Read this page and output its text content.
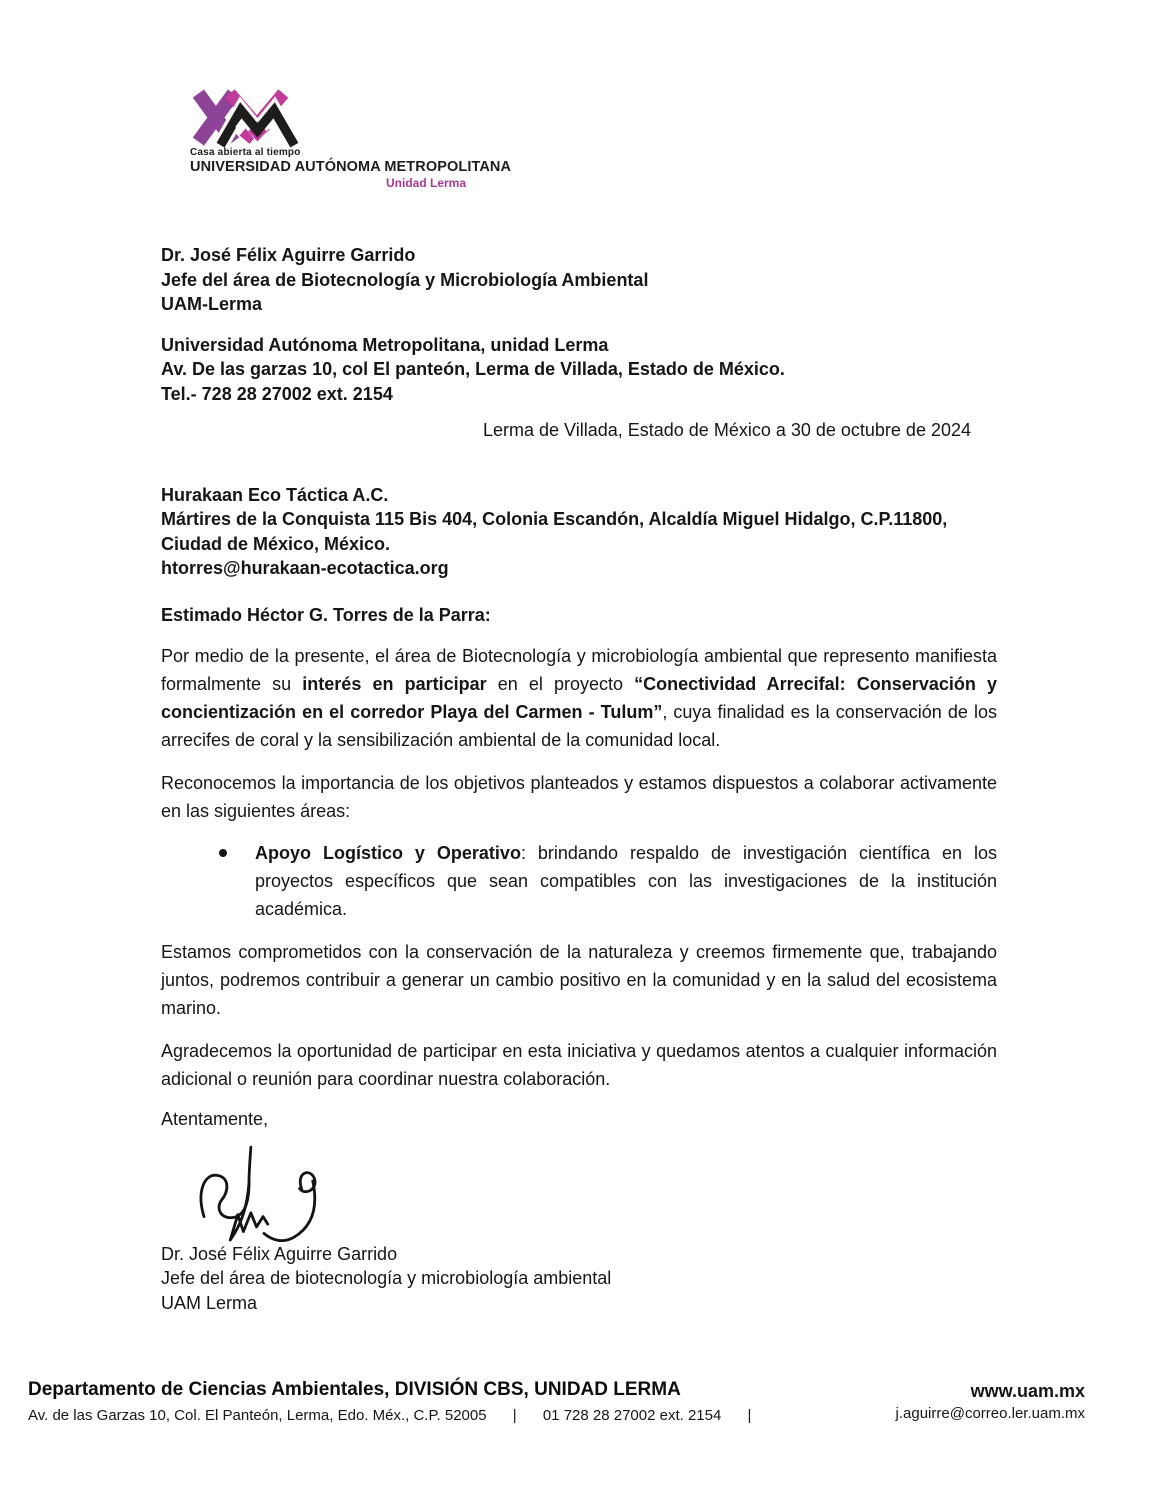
Casa abierta al tiempo
UNIVERSIDAD AUTÓNOMA METROPOLITANA
Unidad Lerma
Dr. José Félix Aguirre Garrido
Jefe del área de Biotecnología y Microbiología Ambiental
UAM-Lerma
Universidad Autónoma Metropolitana, unidad Lerma
Av. De las garzas 10, col El panteón, Lerma de Villada, Estado de México.
Tel.- 728 28 27002 ext. 2154
Lerma de Villada, Estado de México a 30 de octubre de 2024
Hurakaan Eco Táctica A.C.
Mártires de la Conquista 115 Bis 404, Colonia Escandón, Alcaldía Miguel Hidalgo, C.P.11800,
Ciudad de México, México.
htorres@hurakaan-ecotactica.org
Estimado Héctor G. Torres de la Parra:

Por medio de la presente, el área de Biotecnología y microbiología ambiental que represento manifiesta formalmente su interés en participar en el proyecto “Conectividad Arrecifal: Conservación y concientización en el corredor Playa del Carmen - Tulum”, cuya finalidad es la conservación de los arrecifes de coral y la sensibilización ambiental de la comunidad local.

Reconocemos la importancia de los objetivos planteados y estamos dispuestos a colaborar activamente en las siguientes áreas:

Apoyo Logístico y Operativo: brindando respaldo de investigación científica en los proyectos específicos que sean compatibles con las investigaciones de la institución académica.

Estamos comprometidos con la conservación de la naturaleza y creemos firmemente que, trabajando juntos, podremos contribuir a generar un cambio positivo en la comunidad y en la salud del ecosistema marino.

Agradecemos la oportunidad de participar en esta iniciativa y quedamos atentos a cualquier información adicional o reunión para coordinar nuestra colaboración.

Atentamente,
Dr. José Félix Aguirre Garrido
Jefe del área de biotecnología y microbiología ambiental
UAM Lerma
Departamento de Ciencias Ambientales, DIVISIÓN CBS, UNIDAD LERMA
Av. de las Garzas 10, Col. El Panteón, Lerma, Edo. Méx., C.P. 52005 | 01 728 28 27002 ext. 2154 |
www.uam.mx
j.aguirre@correo.ler.uam.mx
